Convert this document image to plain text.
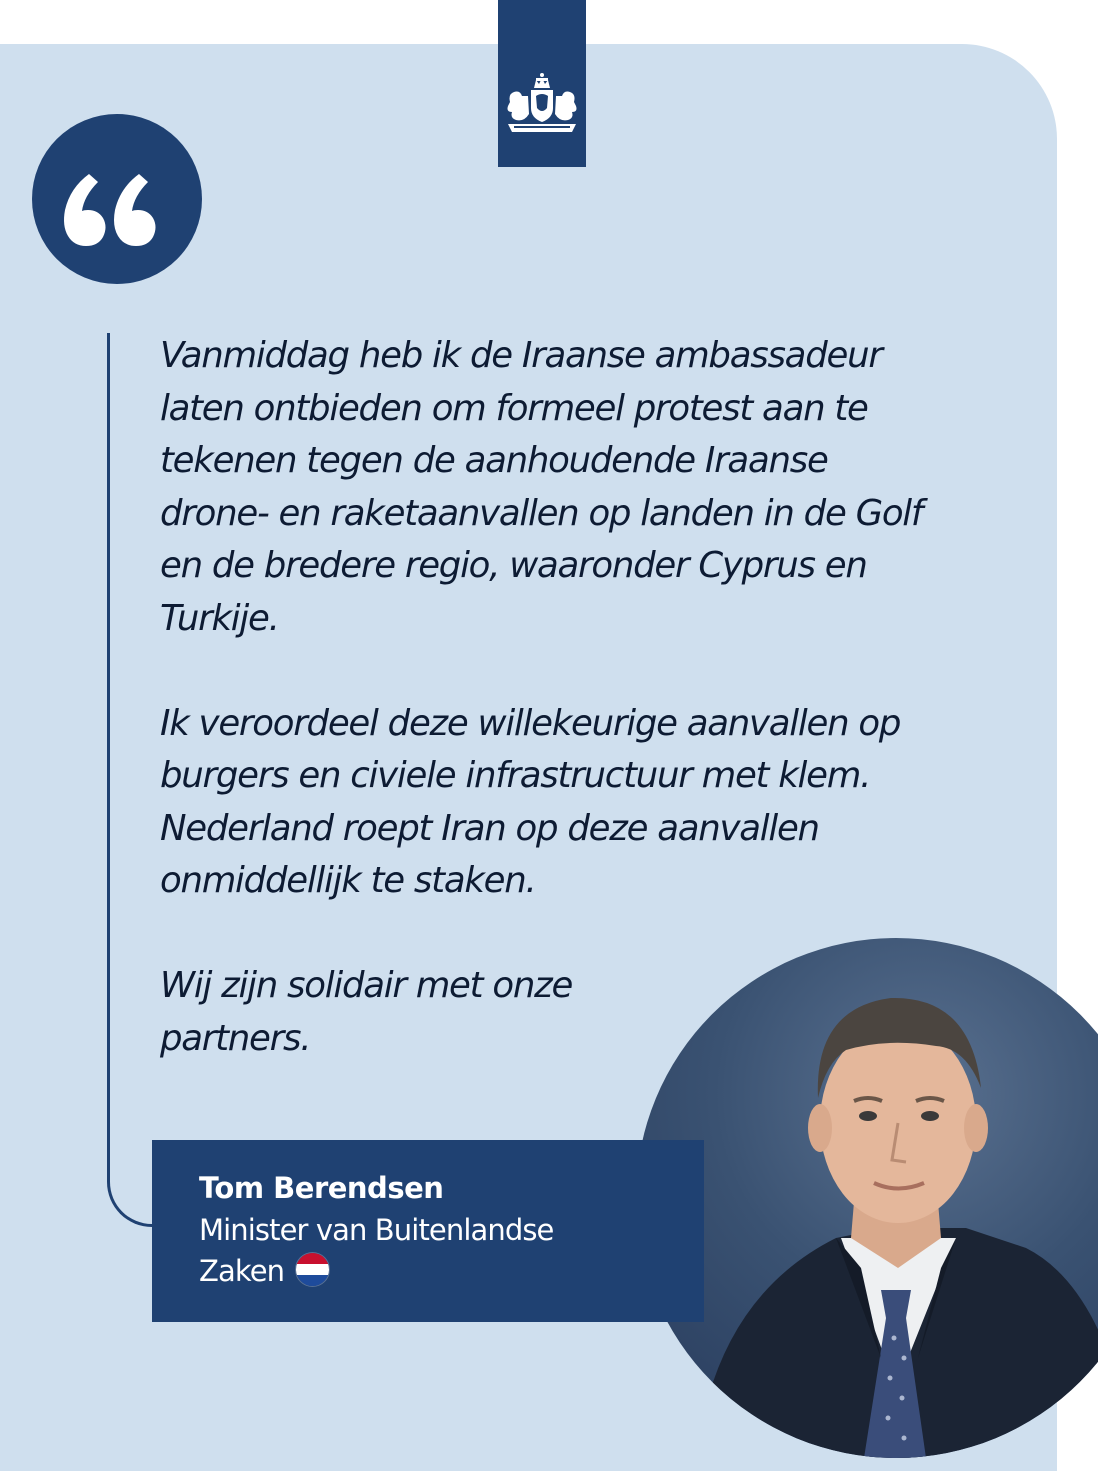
Vanmiddag heb ik de Iraanse ambassadeur
laten ontbieden om formeel protest aan te
tekenen tegen de aanhoudende Iraanse
drone- en raketaanvallen op landen in de Golf
en de bredere regio, waaronder Cyprus en
Turkije.

Ik veroordeel deze willekeurige aanvallen op
burgers en civiele infrastructuur met klem.
Nederland roept Iran op deze aanvallen
onmiddellijk te staken.

Wij zijn solidair met onze
partners.

Tom Berendsen
Minister van Buitenlandse
Zaken
